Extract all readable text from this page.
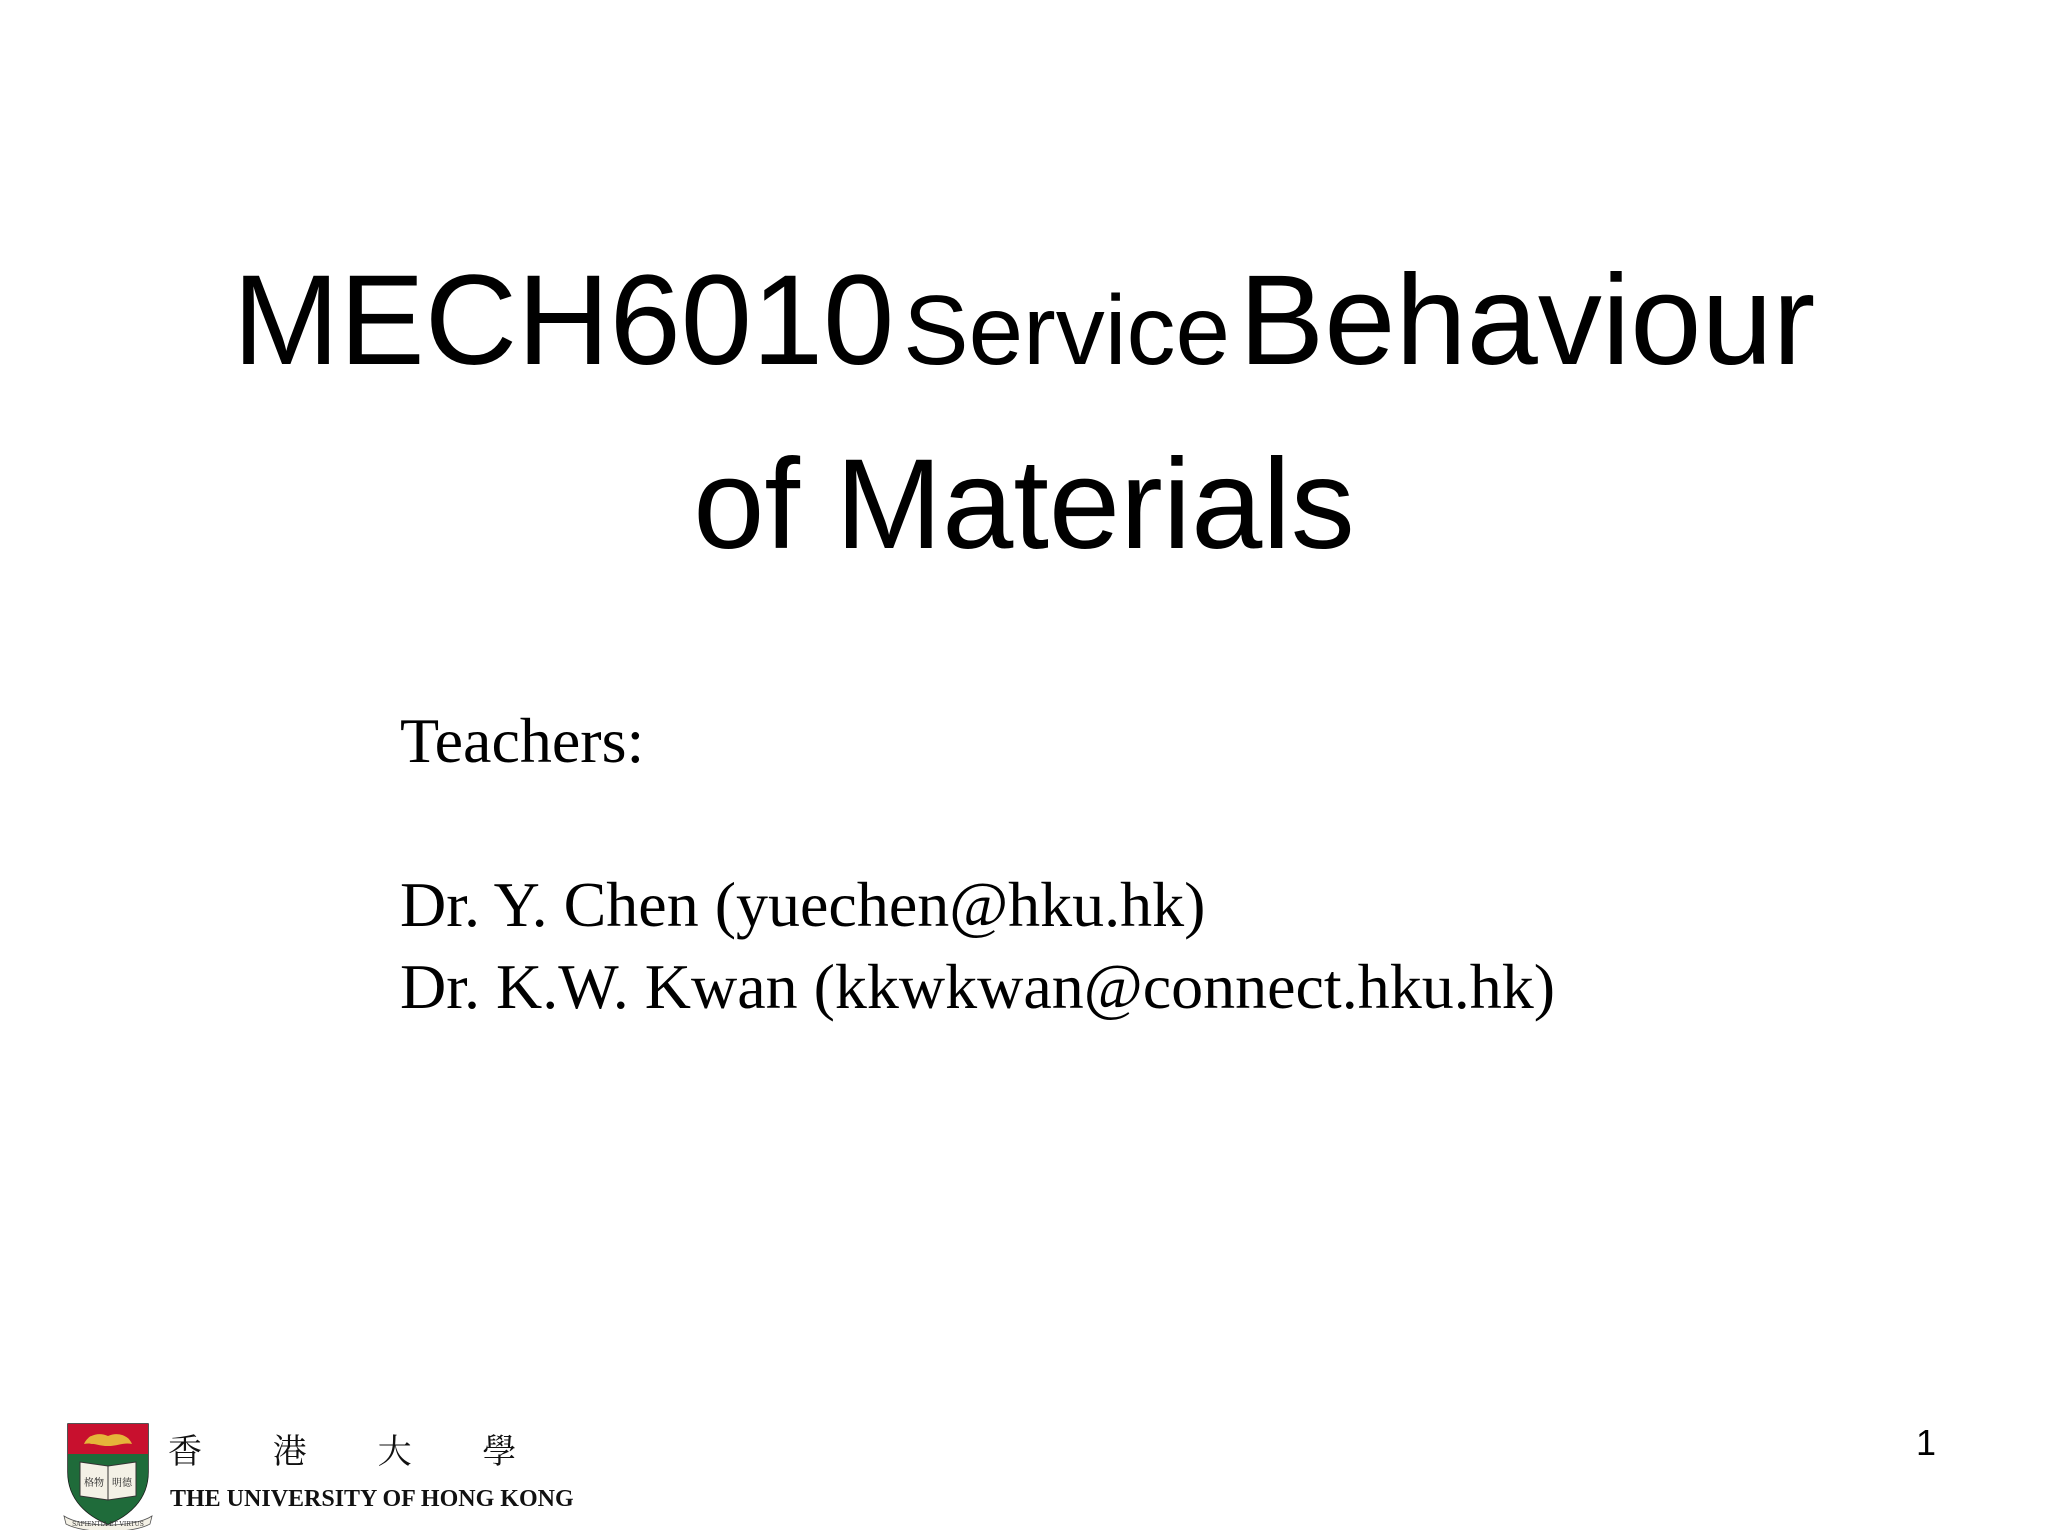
MECH6010 Service Behaviour
of Materials
Teachers:
Dr. Y. Chen (yuechen@hku.hk)
Dr. K.W. Kwan (kkwkwan@connect.hku.hk)
1
格物 明德
SAPIENTIA ET VIRTUS
香 港 大 學
THE UNIVERSITY OF HONG KONG
